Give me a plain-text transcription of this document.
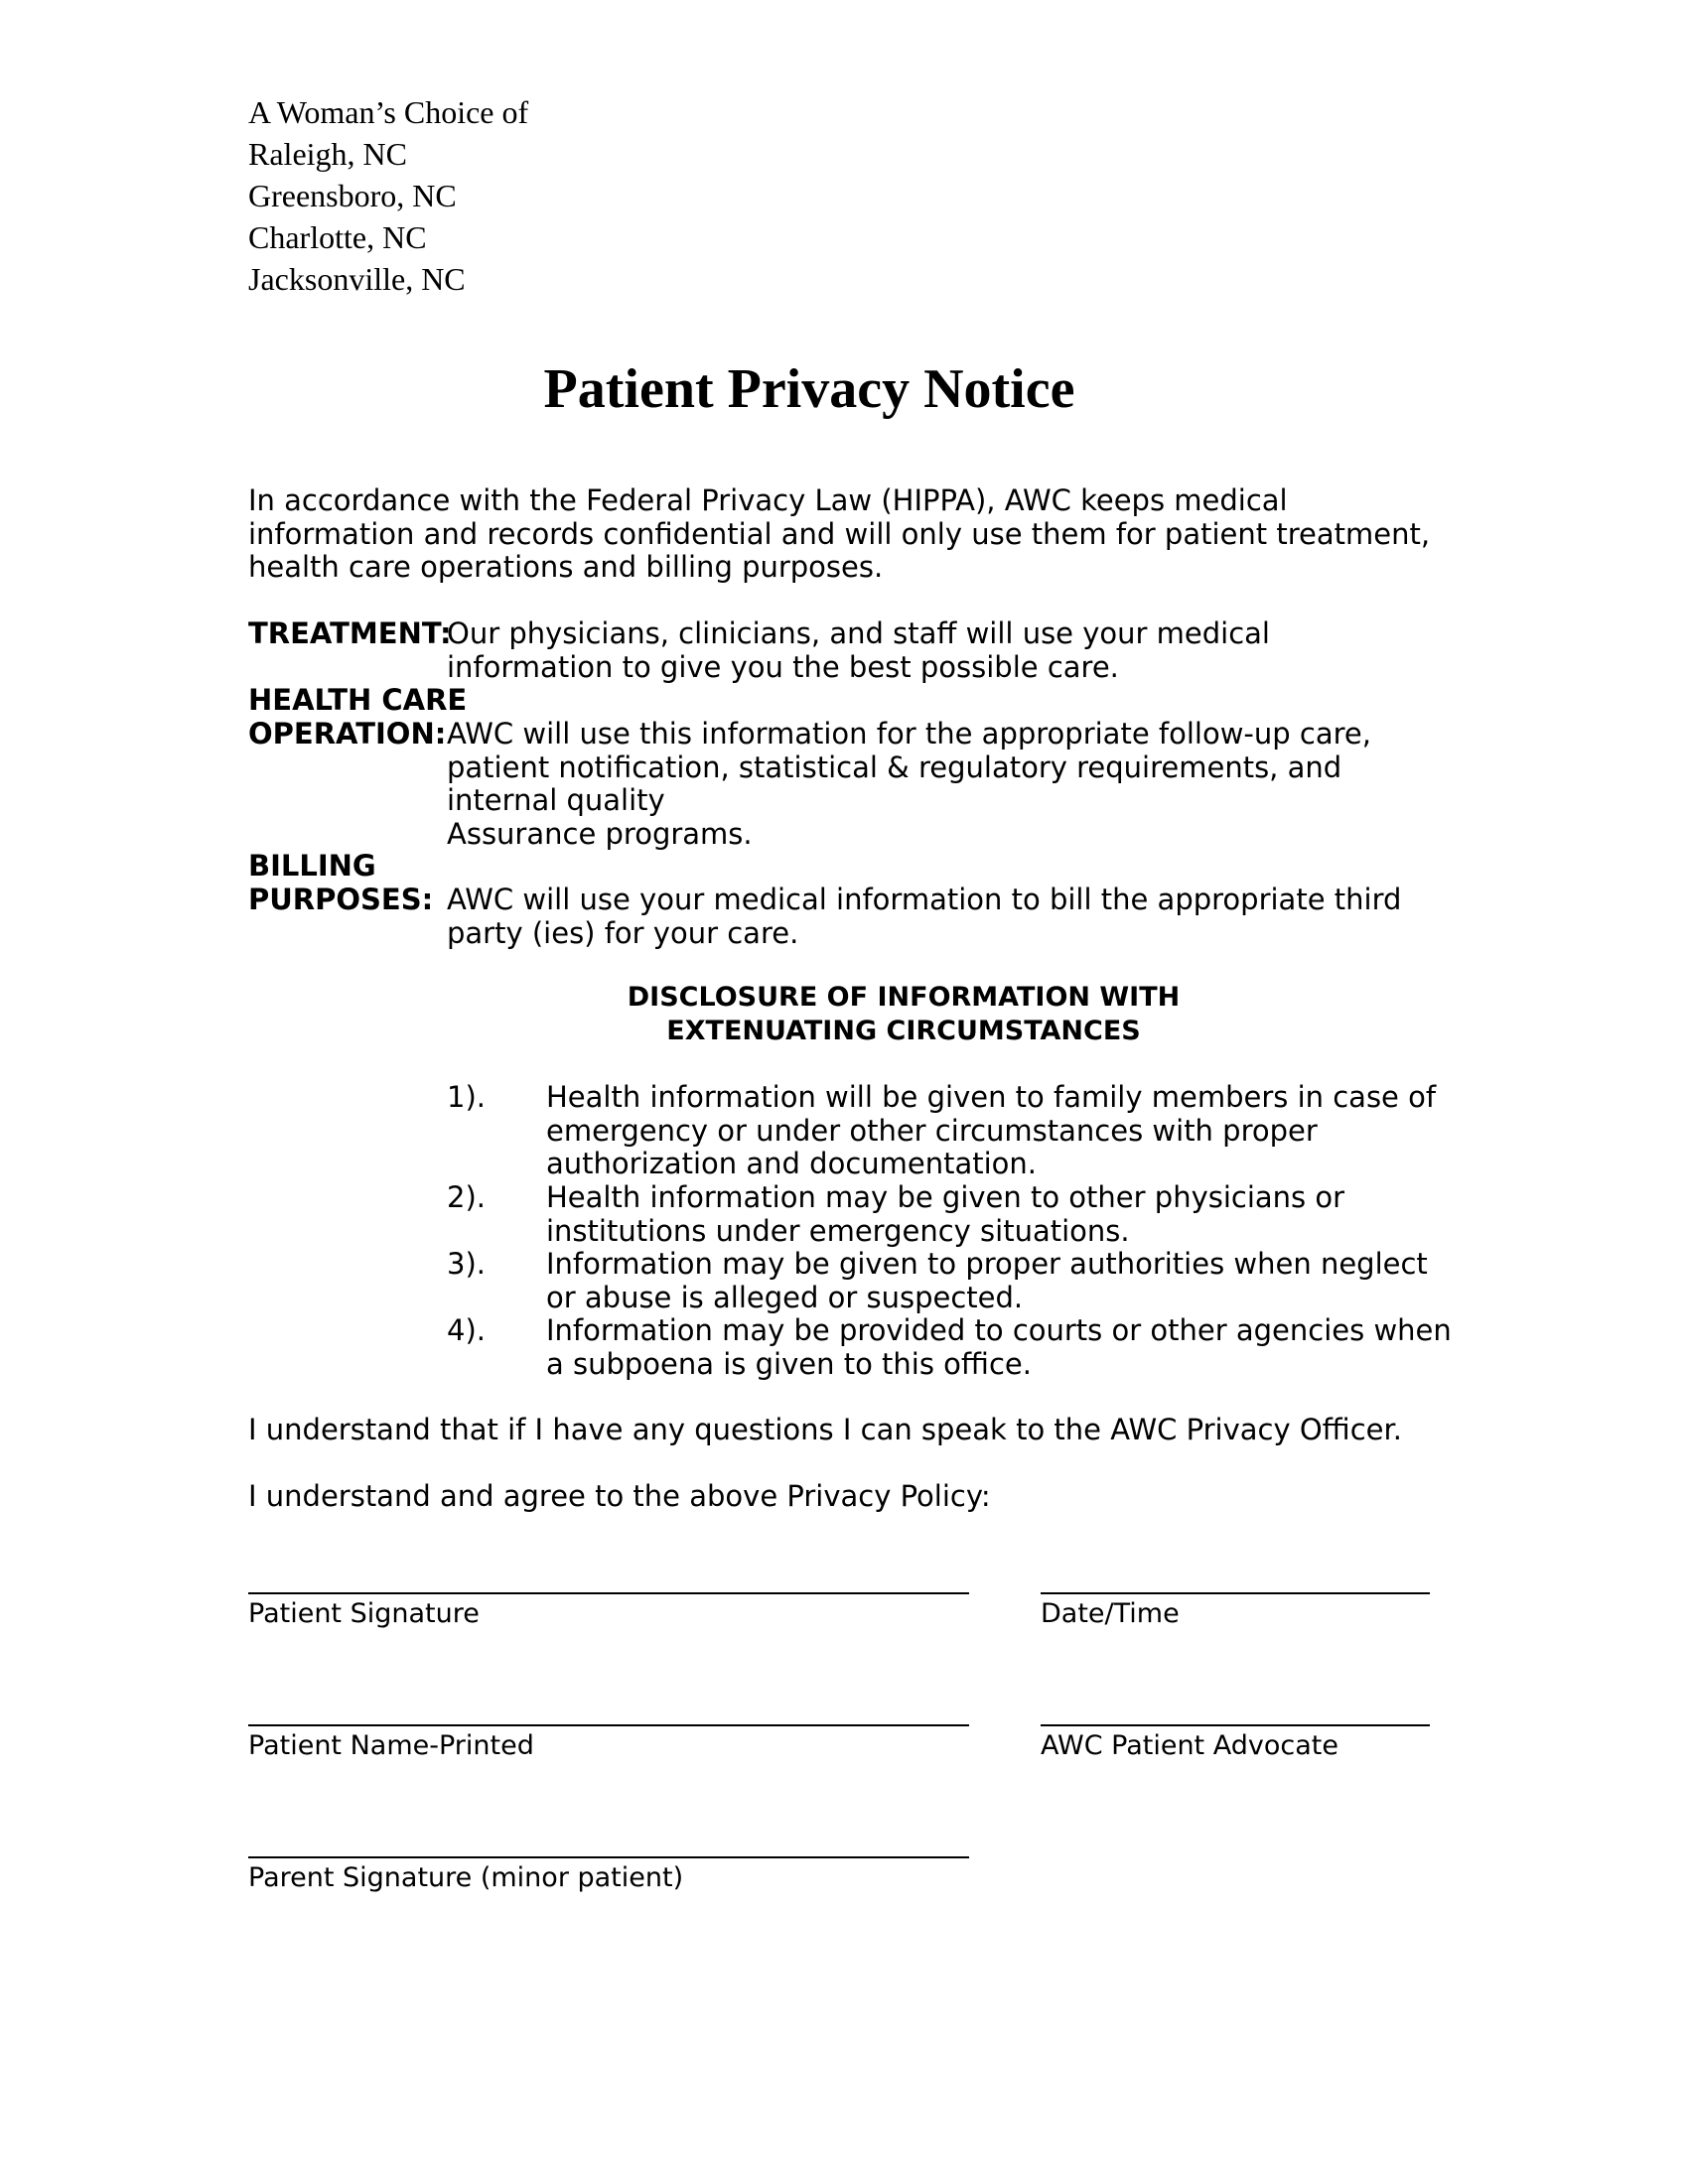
A Woman’s Choice of
Raleigh, NC
Greensboro, NC
Charlotte, NC
Jacksonville, NC
Patient Privacy Notice
In accordance with the Federal Privacy Law (HIPPA), AWC keeps medical information and records confidential and will only use them for patient treatment, health care operations and billing purposes.
TREATMENT:
Our physicians, clinicians, and staff will use your medical information to give you the best possible care.
HEALTH CARE
OPERATION: AWC will use this information for the appropriate follow-up care, patient notification, statistical & regulatory requirements, and internal quality
Assurance programs.
BILLING
PURPOSES: AWC will use your medical information to bill the appropriate third party (ies) for your care.
DISCLOSURE OF INFORMATION WITH EXTENUATING CIRCUMSTANCES
1). Health information will be given to family members in case of emergency or under other circumstances with proper authorization and documentation.
2). Health information may be given to other physicians or institutions under emergency situations.
3). Information may be given to proper authorities when neglect or abuse is alleged or suspected.
4). Information may be provided to courts or other agencies when a subpoena is given to this office.
I understand that if I have any questions I can speak to the AWC Privacy Officer.
I understand and agree to the above Privacy Policy:
Patient Signature	Date/Time
Patient Name-Printed	AWC Patient Advocate
Parent Signature (minor patient)
